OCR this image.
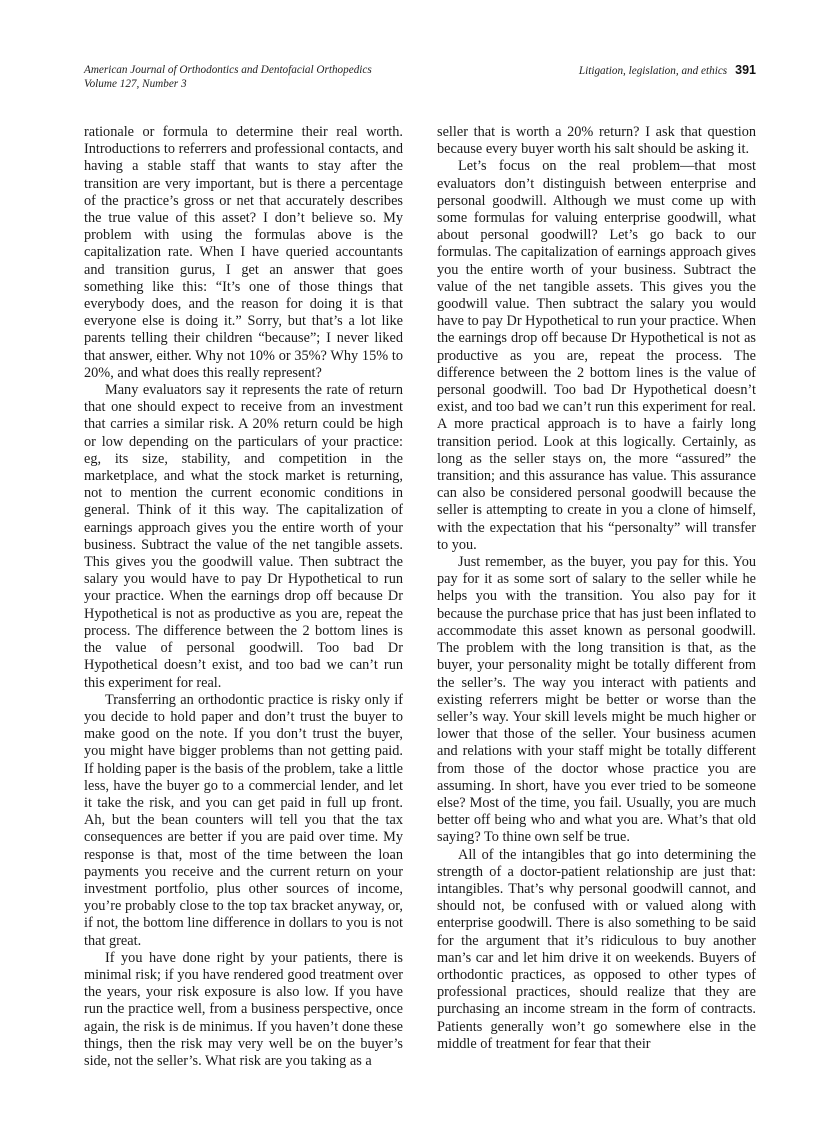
American Journal of Orthodontics and Dentofacial Orthopedics
Volume 127, Number 3
Litigation, legislation, and ethics 391

rationale or formula to determine their real worth. Introductions to referrers and professional contacts, and having a stable staff that wants to stay after the transition are very important, but is there a percentage of the practice’s gross or net that accurately describes the true value of this asset? I don’t believe so. My problem with using the formulas above is the capitalization rate. When I have queried accountants and transition gurus, I get an answer that goes something like this: “It’s one of those things that everybody does, and the reason for doing it is that everyone else is doing it.” Sorry, but that’s a lot like parents telling their children “because”; I never liked that answer, either. Why not 10% or 35%? Why 15% to 20%, and what does this really represent?

Many evaluators say it represents the rate of return that one should expect to receive from an investment that carries a similar risk. A 20% return could be high or low depending on the particulars of your practice: eg, its size, stability, and competition in the marketplace, and what the stock market is returning, not to mention the current economic conditions in general. Think of it this way. The capitalization of earnings approach gives you the entire worth of your business. Subtract the value of the net tangible assets. This gives you the goodwill value. Then subtract the salary you would have to pay Dr Hypothetical to run your practice. When the earnings drop off because Dr Hypothetical is not as productive as you are, repeat the process. The difference between the 2 bottom lines is the value of personal goodwill. Too bad Dr Hypothetical doesn’t exist, and too bad we can’t run this experiment for real.

Transferring an orthodontic practice is risky only if you decide to hold paper and don’t trust the buyer to make good on the note. If you don’t trust the buyer, you might have bigger problems than not getting paid. If holding paper is the basis of the problem, take a little less, have the buyer go to a commercial lender, and let it take the risk, and you can get paid in full up front. Ah, but the bean counters will tell you that the tax consequences are better if you are paid over time. My response is that, most of the time between the loan payments you receive and the current return on your investment portfolio, plus other sources of income, you’re probably close to the top tax bracket anyway, or, if not, the bottom line difference in dollars to you is not that great.

If you have done right by your patients, there is minimal risk; if you have rendered good treatment over the years, your risk exposure is also low. If you have run the practice well, from a business perspective, once again, the risk is de minimus. If you haven’t done these things, then the risk may very well be on the buyer’s side, not the seller’s. What risk are you taking as a

seller that is worth a 20% return? I ask that question because every buyer worth his salt should be asking it.

Let’s focus on the real problem—that most evaluators don’t distinguish between enterprise and personal goodwill. Although we must come up with some formulas for valuing enterprise goodwill, what about personal goodwill? Let’s go back to our formulas. The capitalization of earnings approach gives you the entire worth of your business. Subtract the value of the net tangible assets. This gives you the goodwill value. Then subtract the salary you would have to pay Dr Hypothetical to run your practice. When the earnings drop off because Dr Hypothetical is not as productive as you are, repeat the process. The difference between the 2 bottom lines is the value of personal goodwill. Too bad Dr Hypothetical doesn’t exist, and too bad we can’t run this experiment for real. A more practical approach is to have a fairly long transition period. Look at this logically. Certainly, as long as the seller stays on, the more “assured” the transition; and this assurance has value. This assurance can also be considered personal goodwill because the seller is attempting to create in you a clone of himself, with the expectation that his “personalty” will transfer to you.

Just remember, as the buyer, you pay for this. You pay for it as some sort of salary to the seller while he helps you with the transition. You also pay for it because the purchase price that has just been inflated to accommodate this asset known as personal goodwill. The problem with the long transition is that, as the buyer, your personality might be totally different from the seller’s. The way you interact with patients and existing referrers might be better or worse than the seller’s way. Your skill levels might be much higher or lower that those of the seller. Your business acumen and relations with your staff might be totally different from those of the doctor whose practice you are assuming. In short, have you ever tried to be someone else? Most of the time, you fail. Usually, you are much better off being who and what you are. What’s that old saying? To thine own self be true.

All of the intangibles that go into determining the strength of a doctor-patient relationship are just that: intangibles. That’s why personal goodwill cannot, and should not, be confused with or valued along with enterprise goodwill. There is also something to be said for the argument that it’s ridiculous to buy another man’s car and let him drive it on weekends. Buyers of orthodontic practices, as opposed to other types of professional practices, should realize that they are purchasing an income stream in the form of contracts. Patients generally won’t go somewhere else in the middle of treatment for fear that their
